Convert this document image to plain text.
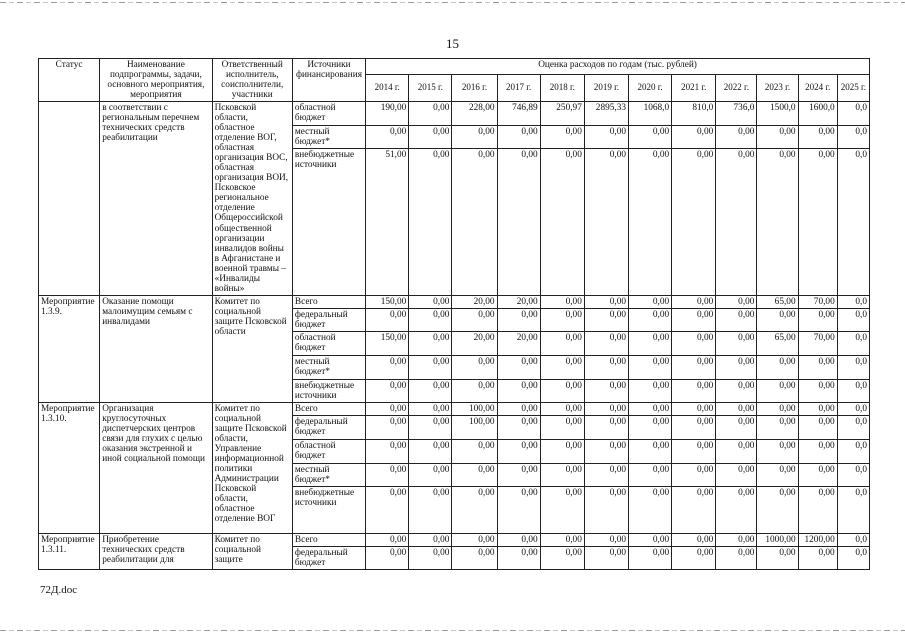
15
Статус	Наименование подпрограммы, задачи, основного мероприятия, мероприятия	Ответственный исполнитель, соисполнители, участники	Источники финансирования	Оценка расходов по годам (тыс. рублей)											
				2014 г.	2015 г.	2016 г.	2017 г.	2018 г.	2019 г.	2020 г.	2021 г.	2022 г.	2023 г.	2024 г.	2025 г.
	в соответствии с региональным перечнем технических средств реабилитации	Псковской области, областное отделение ВОГ, областная организация ВОС, областная организация ВОИ, Псковское региональное отделение Общероссийской общественной организации инвалидов войны в Афганистане и военной травмы – «Инвалиды войны»	областной бюджет	190,00	0,00	228,00	746,89	250,97	2895,33	1068,0	810,0	736,0	1500,0	1600,0	0,0
			местный бюджет*	0,00	0,00	0,00	0,00	0,00	0,00	0,00	0,00	0,00	0,00	0,00	0,0
			внебюджетные источники	51,00	0,00	0,00	0,00	0,00	0,00	0,00	0,00	0,00	0,00	0,00	0,0
Мероприятие 1.3.9.	Оказание помощи малоимущим семьям с инвалидами	Комитет по социальной защите Псковской области	Всего	150,00	0,00	20,00	20,00	0,00	0,00	0,00	0,00	0,00	65,00	70,00	0,0
			федеральный бюджет	0,00	0,00	0,00	0,00	0,00	0,00	0,00	0,00	0,00	0,00	0,00	0,0
			областной бюджет	150,00	0,00	20,00	20,00	0,00	0,00	0,00	0,00	0,00	65,00	70,00	0,0
			местный бюджет*	0,00	0,00	0,00	0,00	0,00	0,00	0,00	0,00	0,00	0,00	0,00	0,0
			внебюджетные источники	0,00	0,00	0,00	0,00	0,00	0,00	0,00	0,00	0,00	0,00	0,00	0,0
Мероприятие 1.3.10.	Организация круглосуточных диспетчерских центров связи для глухих с целью оказания экстренной и иной социальной помощи	Комитет по социальной защите Псковской области, Управление информационной политики Администрации Псковской области, областное отделение ВОГ	Всего	0,00	0,00	100,00	0,00	0,00	0,00	0,00	0,00	0,00	0,00	0,00	0,0
			федеральный бюджет	0,00	0,00	100,00	0,00	0,00	0,00	0,00	0,00	0,00	0,00	0,00	0,0
			областной бюджет	0,00	0,00	0,00	0,00	0,00	0,00	0,00	0,00	0,00	0,00	0,00	0,0
			местный бюджет*	0,00	0,00	0,00	0,00	0,00	0,00	0,00	0,00	0,00	0,00	0,00	0,0
			внебюджетные источники	0,00	0,00	0,00	0,00	0,00	0,00	0,00	0,00	0,00	0,00	0,00	0,0
Мероприятие 1.3.11.	Приобретение технических средств реабилитации для	Комитет по социальной защите	Всего	0,00	0,00	0,00	0,00	0,00	0,00	0,00	0,00	0,00	1000,00	1200,00	0,0
			федеральный бюджет	0,00	0,00	0,00	0,00	0,00	0,00	0,00	0,00	0,00	0,00	0,00	0,0
72Д.doc
